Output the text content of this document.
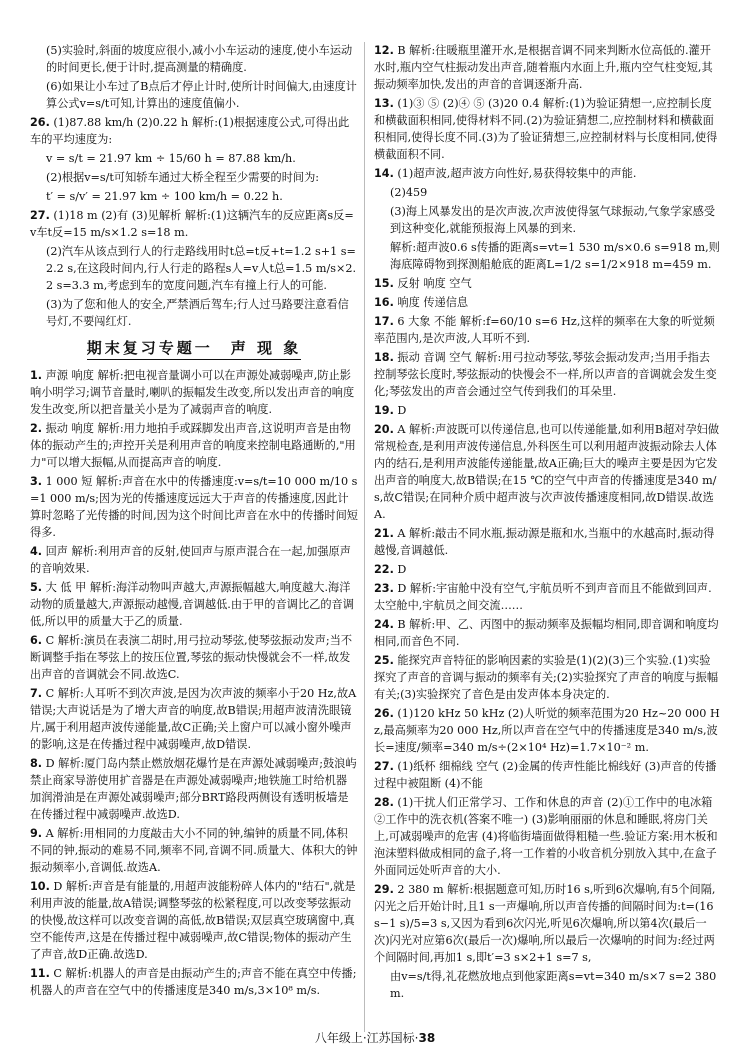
(5)实验时,斜面的坡度应很小,减小小车运动的速度,使小车运动的时间更长,便于计时,提高测量的精确度.

(6)如果让小车过了B点后才停止计时,使所计时间偏大,由速度计算公式v=s/t可知,计算出的速度值偏小.

26. (1)87.88 km/h (2)0.22 h 解析:(1)根据速度公式,可得出此车的平均速度为:

v = s/t = 21.97 km ÷ 15/60 h = 87.88 km/h.

(2)根据v=s/t可知轿车通过大桥全程至少需要的时间为:

t′ = s/v′ = 21.97 km ÷ 100 km/h = 0.22 h.

27. (1)18 m (2)有 (3)见解析 解析:(1)这辆汽车的反应距离s反=v车t反=15 m/s×1.2 s=18 m.

(2)汽车从该点到行人的行走路线用时t总=t反+t=1.2 s+1 s=2.2 s,在这段时间内,行人行走的路程s人=v人t总=1.5 m/s×2.2 s=3.3 m,考虑到车的宽度问题,汽车有撞上行人的可能.

(3)为了您和他人的安全,严禁酒后驾车;行人过马路要注意看信号灯,不要闯红灯.

期末复习专题一　声 现 象

1. 声源 响度 解析:把电视音量调小可以在声源处减弱噪声,防止影响小明学习;调节音量时,喇叭的振幅发生改变,所以发出声音的响度发生改变,所以把音量关小是为了减弱声音的响度.

2. 振动 响度 解析:用力地拍手或踩脚发出声音,这说明声音是由物体的振动产生的;声控开关是利用声音的响度来控制电路通断的,"用力"可以增大振幅,从而提高声音的响度.

3. 1 000 短 解析:声音在水中的传播速度:v=s/t=10 000 m/10 s=1 000 m/s;因为光的传播速度远远大于声音的传播速度,因此计算时忽略了光传播的时间,因为这个时间比声音在水中的传播时间短得多.

4. 回声 解析:利用声音的反射,使回声与原声混合在一起,加强原声的音响效果.

5. 大 低 甲 解析:海洋动物叫声越大,声源振幅越大,响度越大.海洋动物的质量越大,声源振动越慢,音调越低.由于甲的音调比乙的音调低,所以甲的质量大于乙的质量.

6. C 解析:演员在表演二胡时,用弓拉动琴弦,使琴弦振动发声;当不断调整手指在琴弦上的按压位置,琴弦的振动快慢就会不一样,故发出声音的音调就会不同.故选C.

7. C 解析:人耳听不到次声波,是因为次声波的频率小于20 Hz,故A错误;大声说话是为了增大声音的响度,故B错误;用超声波清洗眼镜片,属于利用超声波传递能量,故C正确;关上窗户可以减小窗外噪声的影响,这是在传播过程中减弱噪声,故D错误.

8. D 解析:厦门岛内禁止燃放烟花爆竹是在声源处减弱噪声;鼓浪屿禁止商家导游使用扩音器是在声源处减弱噪声;地铁施工时给机器加润滑油是在声源处减弱噪声;部分BRT路段两侧设有透明板墙是在传播过程中减弱噪声.故选D.

9. A 解析:用相同的力度敲击大小不同的钟,编钟的质量不同,体积不同的钟,振动的难易不同,频率不同,音调不同.质量大、体积大的钟振动频率小,音调低.故选A.

10. D 解析:声音是有能量的,用超声波能粉碎人体内的"结石",就是利用声波的能量,故A错误;调整琴弦的松紧程度,可以改变琴弦振动的快慢,故这样可以改变音调的高低,故B错误;双层真空玻璃窗中,真空不能传声,这是在传播过程中减弱噪声,故C错误;物体的振动产生了声音,故D正确.故选D.

11. C 解析:机器人的声音是由振动产生的;声音不能在真空中传播;机器人的声音在空气中的传播速度是340 m/s,3×10⁸ m/s.

12. B 解析:往暖瓶里灌开水,是根据音调不同来判断水位高低的.灌开水时,瓶内空气柱振动发出声音,随着瓶内水面上升,瓶内空气柱变短,其振动频率加快,发出的声音的音调逐渐升高.

13. (1)③ ⑤ (2)④ ⑤ (3)20 0.4 解析:(1)为验证猜想一,应控制长度和横截面积相同,使得材料不同.(2)为验证猜想二,应控制材料和横截面积相同,使得长度不同.(3)为了验证猜想三,应控制材料与长度相同,使得横截面积不同.

14. (1)超声波,超声波方向性好,易获得较集中的声能.

(2)459

(3)海上风暴发出的是次声波,次声波使得氢气球振动,气象学家感受到这种变化,就能预报海上风暴的到来.

解析:超声波0.6 s传播的距离s=vt=1 530 m/s×0.6 s=918 m,则海底障碍物到探测船舱底的距离L=1/2 s=1/2×918 m=459 m.

15. 反射 响度 空气

16. 响度 传递信息

17. 6 大象 不能 解析:f=60/10 s=6 Hz,这样的频率在大象的听觉频率范围内,是次声波,人耳听不到.

18. 振动 音调 空气 解析:用弓拉动琴弦,琴弦会振动发声;当用手指去控制琴弦长度时,琴弦振动的快慢会不一样,所以声音的音调就会发生变化;琴弦发出的声音会通过空气传到我们的耳朵里.

19. D

20. A 解析:声波既可以传递信息,也可以传递能量,如利用B超对孕妇做常规检查,是利用声波传递信息,外科医生可以利用超声波振动除去人体内的结石,是利用声波能传递能量,故A正确;巨大的噪声主要是因为它发出声音的响度大,故B错误;在15 ℃的空气中声音的传播速度是340 m/s,故C错误;在同种介质中超声波与次声波传播速度相同,故D错误.故选A.

21. A 解析:敲击不同水瓶,振动源是瓶和水,当瓶中的水越高时,振动得越慢,音调越低.

22. D

23. D 解析:宇宙舱中没有空气,宇航员听不到声音而且不能做到回声.太空舱中,宇航员之间交流……

24. B 解析:甲、乙、丙图中的振动频率及振幅均相同,即音调和响度均相同,而音色不同.

25. 能探究声音特征的影响因素的实验是(1)(2)(3)三个实验.(1)实验探究了声音的音调与振动的频率有关;(2)实验探究了声音的响度与振幅有关;(3)实验探究了音色是由发声体本身决定的.

26. (1)120 kHz 50 kHz (2)人听觉的频率范围为20 Hz~20 000 Hz,最高频率为20 000 Hz,所以声音在空气中的传播速度是340 m/s,波长=速度/频率=340 m/s÷(2×10⁴ Hz)=1.7×10⁻² m.

27. (1)纸杯 细棉线 空气 (2)金属的传声性能比棉线好 (3)声音的传播过程中被阻断 (4)不能

28. (1)干扰人们正常学习、工作和休息的声音 (2)①工作中的电冰箱 ②工作中的洗衣机(答案不唯一) (3)影响丽丽的休息和睡眠,将房门关上,可减弱噪声的危害 (4)将临街墙面做得粗糙一些.验证方案:用木板和泡沫塑料做成相同的盒子,将一工作着的小收音机分别放入其中,在盒子外面同远处听声音的大小.

29. 2 380 m 解析:根据题意可知,历时16 s,听到6次爆响,有5个间隔,闪光之后开始计时,且1 s一声爆响,所以声音传播的间隔时间为:t=(16 s−1 s)/5=3 s,又因为看到6次闪光,听见6次爆响,所以第4次(最后一次)闪光对应第6次(最后一次)爆响,所以最后一次爆响的时间为:经过两个间隔时间,再加1 s,即t′=3 s×2+1 s=7 s,

由v=s/t得,礼花燃放地点到他家距离s=vt=340 m/s×7 s=2 380 m.

八年级上·江苏国标·38
